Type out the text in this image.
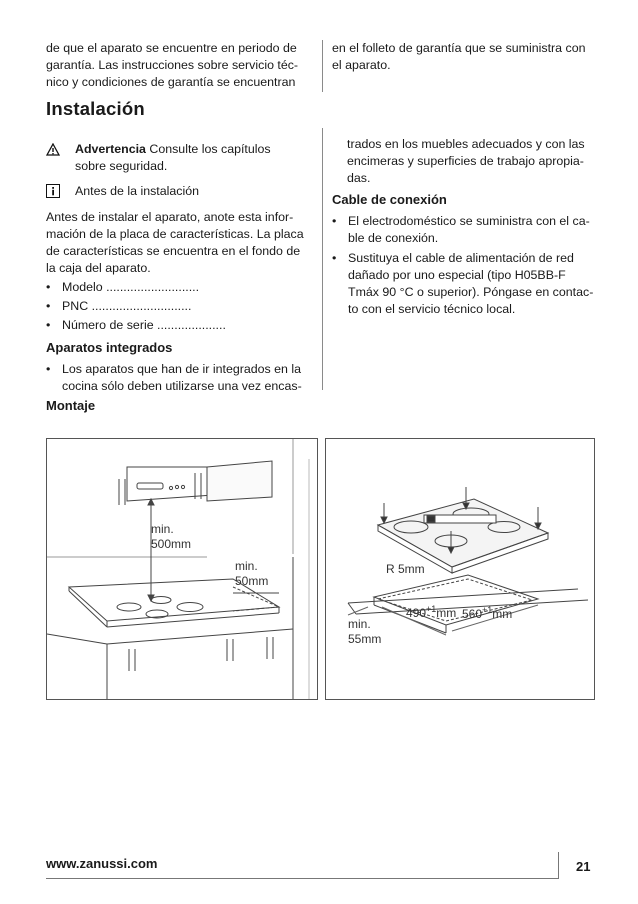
de que el aparato se encuentre en periodo de
garantía. Las instrucciones sobre servicio téc-
nico y condiciones de garantía se encuentran
en el folleto de garantía que se suministra con
el aparato.
Instalación
Advertencia Consulte los capítulos
sobre seguridad.
Antes de la instalación
Antes de instalar el aparato, anote esta infor-
mación de la placa de características. La placa
de características se encuentra en el fondo de
la caja del aparato.
• Modelo ...........................
• PNC .............................
• Número de serie ....................
Aparatos integrados
• Los aparatos que han de ir integrados en la
cocina sólo deben utilizarse una vez encas-
Montaje
trados en los muebles adecuados y con las
encimeras y superficies de trabajo apropia-
das.
Cable de conexión
• El electrodoméstico se suministra con el ca-
ble de conexión.
• Sustituya el cable de alimentación de red
dañado por uno especial (tipo H05BB-F
Tmáx 90 °C o superior). Póngase en contac-
to con el servicio técnico local.
min.
500mm
min.
50mm
R 5mm
$490^{+1}mm$ $560^{+1}mm$
min.
55mm
www.zanussi.com	21
